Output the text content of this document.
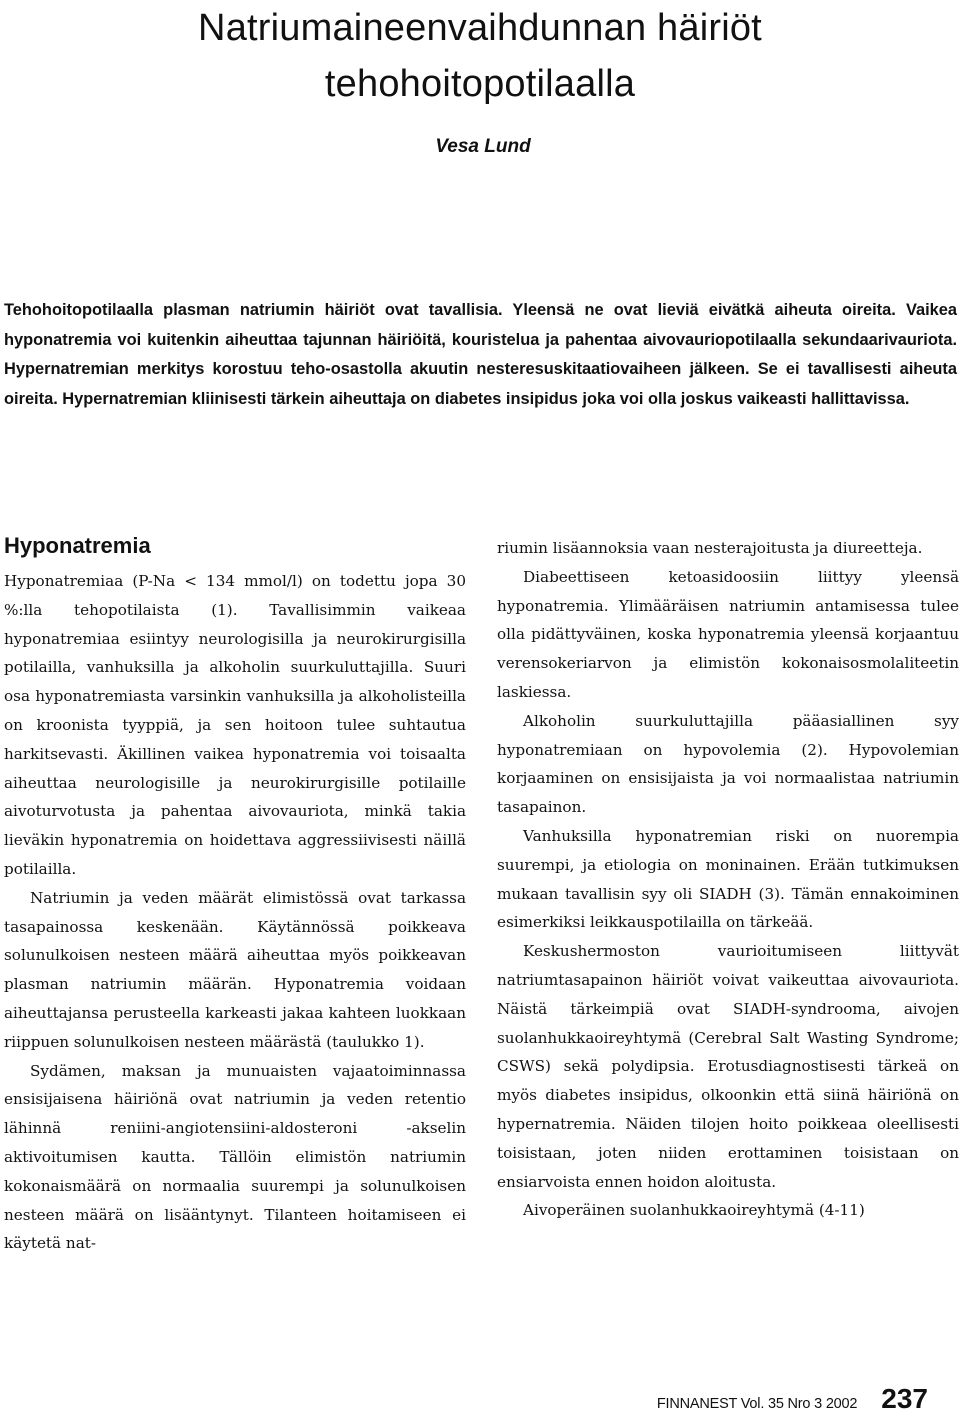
Natriumaineenvaihdunnan häiriöt tehohoitopotilaalla
Vesa Lund

Tehohoitopotilaalla plasman natriumin häiriöt ovat tavallisia. Yleensä ne ovat lieviä eivätkä aiheuta oireita. Vaikea hyponatremia voi kuitenkin aiheuttaa tajunnan häiriöitä, kouristelua ja pahentaa aivovauriopotilaalla sekundaarivauriota. Hypernatremian merkitys korostuu teho-osastolla akuutin nesteresuskitaatiovaiheen jälkeen. Se ei tavallisesti aiheuta oireita. Hypernatremian kliinisesti tärkein aiheuttaja on diabetes insipidus joka voi olla joskus vaikeasti hallittavissa.

Hyponatremia

Hyponatremiaa (P-Na < 134 mmol/l) on todettu jopa 30 %:lla tehopotilaista (1). Tavallisimmin vaikeaa hyponatremiaa esiintyy neurologisilla ja neurokirurgisilla potilailla, vanhuksilla ja alkoholin suurkuluttajilla. Suuri osa hyponatremiasta varsinkin vanhuksilla ja alkoholisteilla on kroonista tyyppiä, ja sen hoitoon tulee suhtautua harkitsevasti. Äkillinen vaikea hyponatremia voi toisaalta aiheuttaa neurologisille ja neurokirurgisille potilaille aivoturvotusta ja pahentaa aivovauriota, minkä takia lieväkin hyponatremia on hoidettava aggressiivisesti näillä potilailla.

Natriumin ja veden määrät elimistössä ovat tarkassa tasapainossa keskenään. Käytännössä poikkeava solunulkoisen nesteen määrä aiheuttaa myös poikkeavan plasman natriumin määrän. Hyponatremia voidaan aiheuttajansa perusteella karkeasti jakaa kahteen luokkaan riippuen solunulkoisen nesteen määrästä (taulukko 1).

Sydämen, maksan ja munuaisten vajaatoiminnassa ensisijaisena häiriönä ovat natriumin ja veden retentio lähinnä reniini-angiotensiini-aldosteroni -akselin aktivoitumisen kautta. Tällöin elimistön natriumin kokonaismäärä on normaalia suurempi ja solunulkoisen nesteen määrä on lisääntynyt. Tilanteen hoitamiseen ei käytetä nat-

riumin lisäannoksia vaan nesterajoitusta ja diureetteja.

Diabeettiseen ketoasidoosiin liittyy yleensä hyponatremia. Ylimääräisen natriumin antamisessa tulee olla pidättyväinen, koska hyponatremia yleensä korjaantuu verensokeriarvon ja elimistön kokonaisosmolaliteetin laskiessa.

Alkoholin suurkuluttajilla pääasiallinen syy hyponatremiaan on hypovolemia (2). Hypovolemian korjaaminen on ensisijaista ja voi normaalistaa natriumin tasapainon.

Vanhuksilla hyponatremian riski on nuorempia suurempi, ja etiologia on moninainen. Erään tutkimuksen mukaan tavallisin syy oli SIADH (3). Tämän ennakoiminen esimerkiksi leikkauspotilailla on tärkeää.

Keskushermoston vaurioitumiseen liittyvät natriumtasapainon häiriöt voivat vaikeuttaa aivovauriota. Näistä tärkeimpiä ovat SIADH-syndrooma, aivojen suolanhukkaoireyhtymä (Cerebral Salt Wasting Syndrome; CSWS) sekä polydipsia. Erotusdiagnostisesti tärkeä on myös diabetes insipidus, olkoonkin että siinä häiriönä on hypernatremia. Näiden tilojen hoito poikkeaa oleellisesti toisistaan, joten niiden erottaminen toisistaan on ensiarvoista ennen hoidon aloitusta.

Aivoperäinen suolanhukkaoireyhtymä (4-11)

FINNANEST Vol. 35 Nro 3 2002 237
